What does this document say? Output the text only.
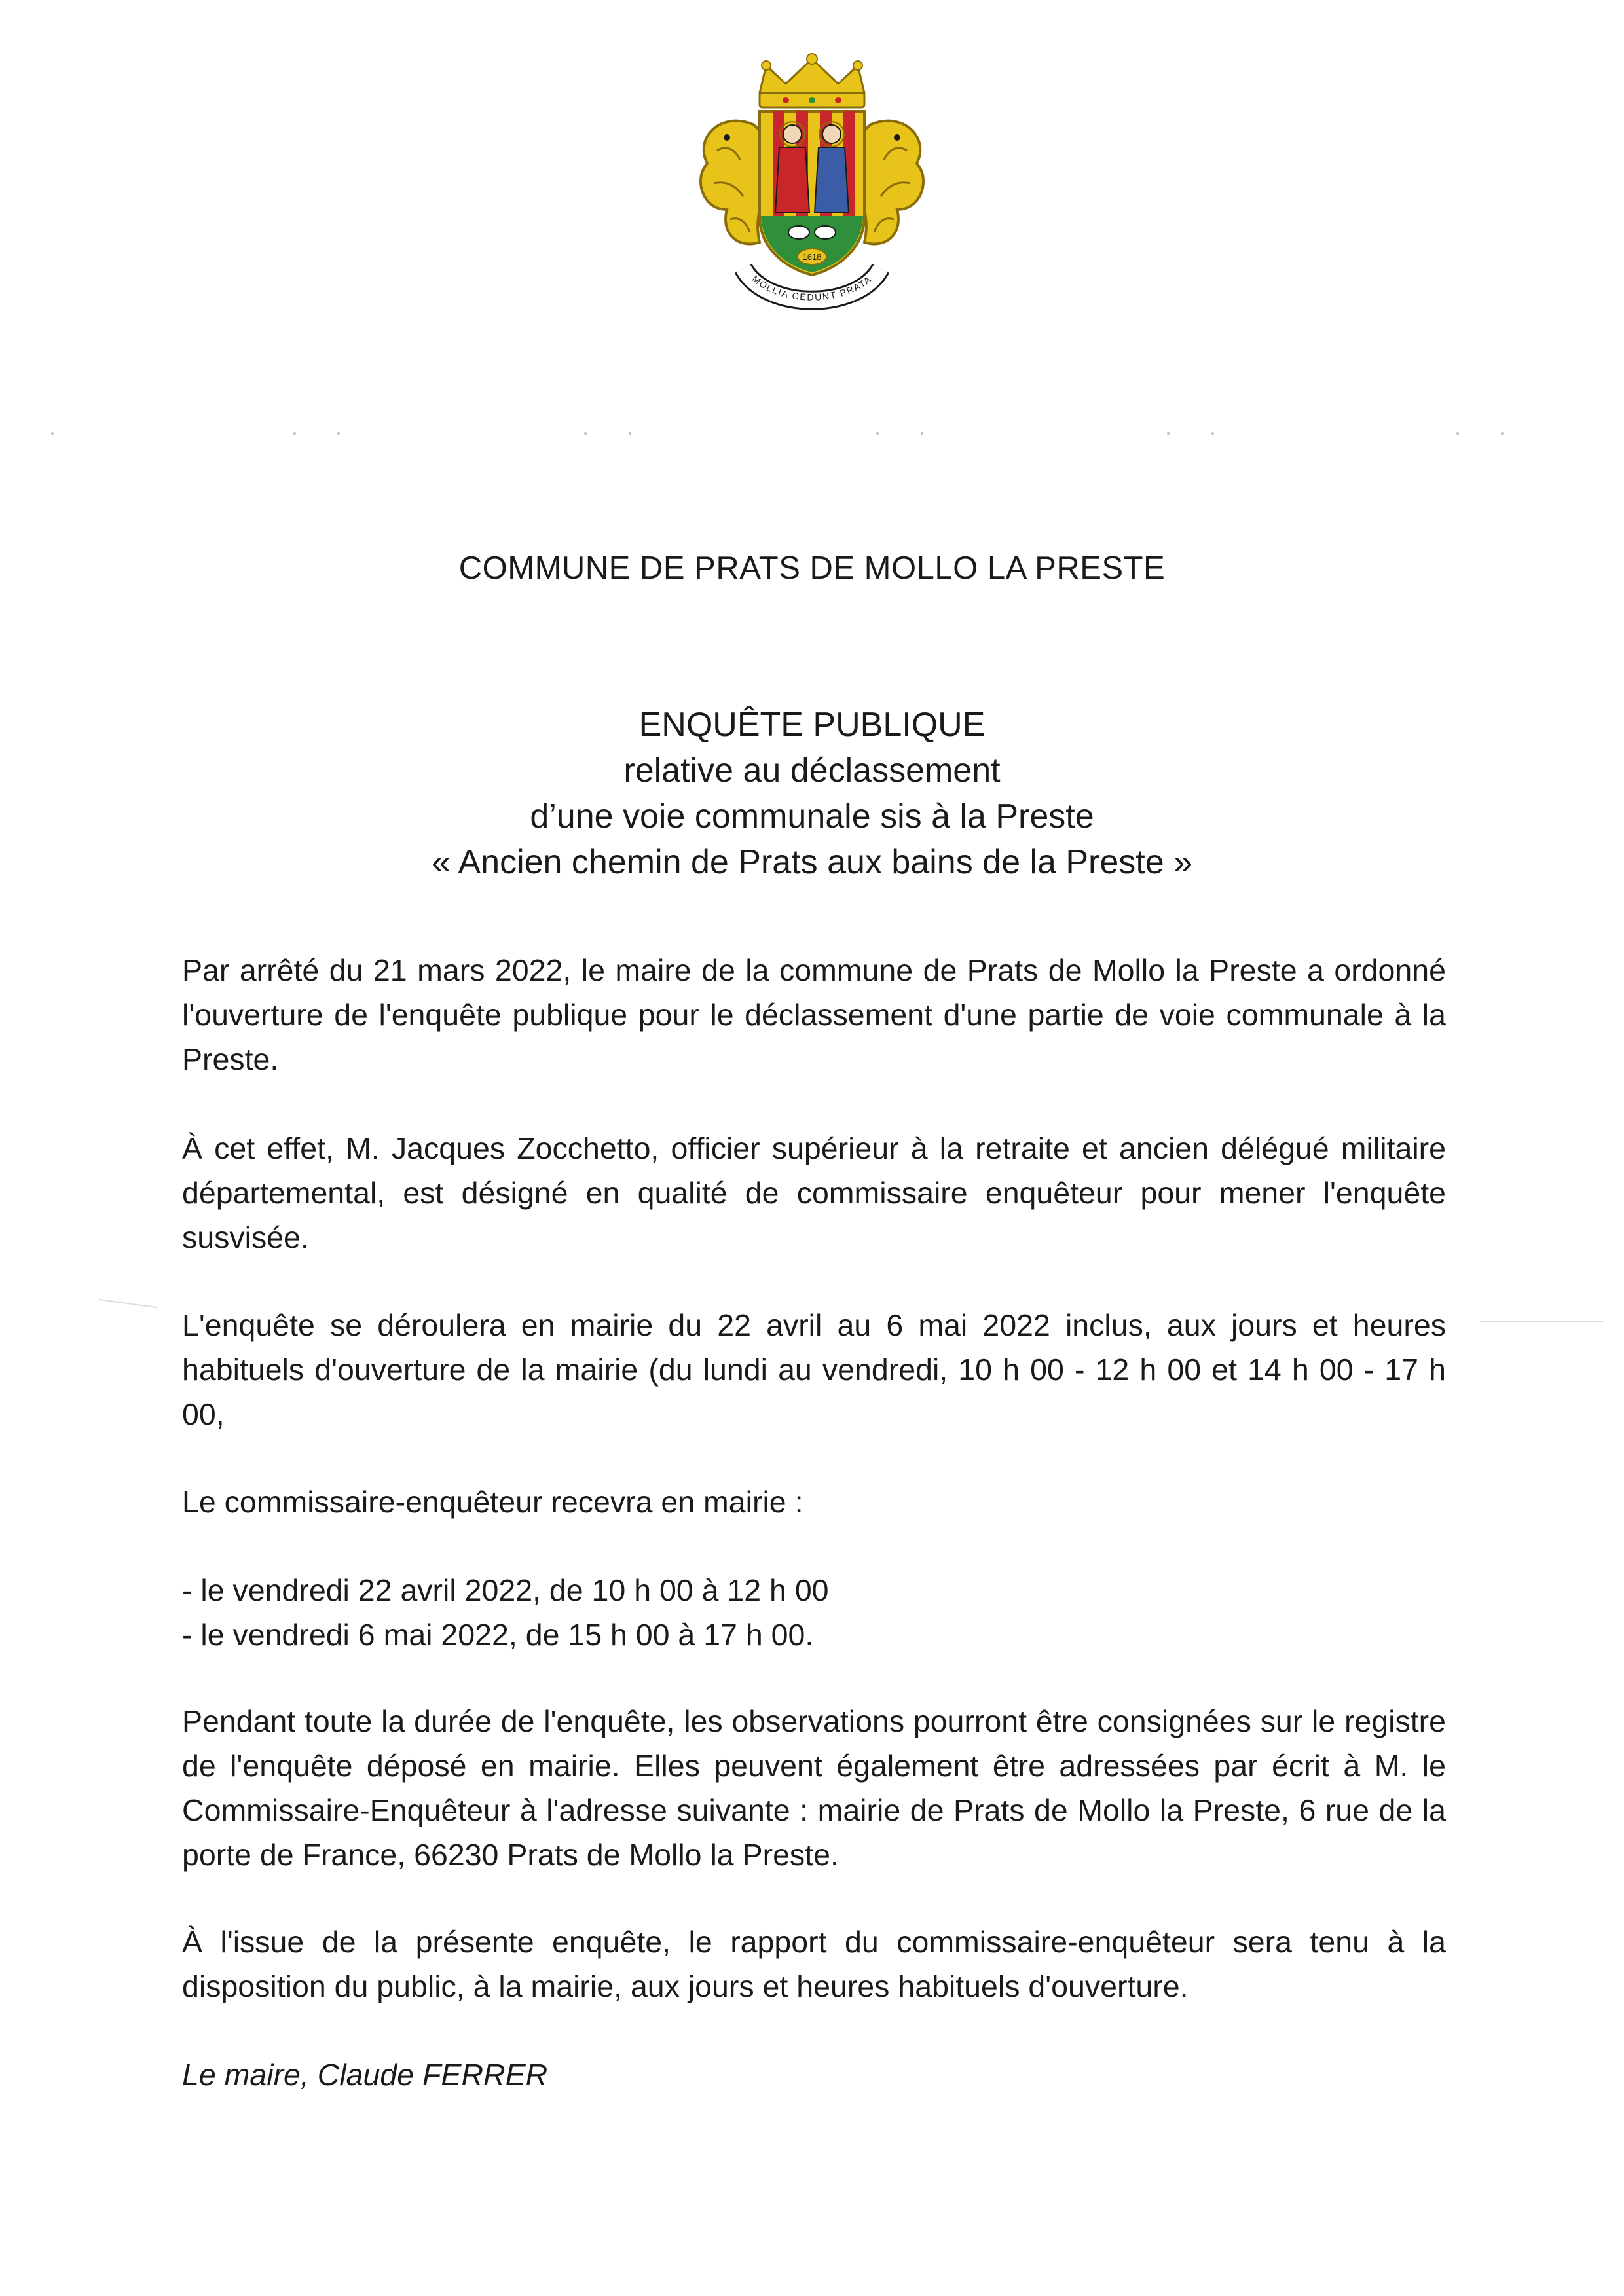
MOLLIA CEDUNT PRATA
1618
COMMUNE DE PRATS DE MOLLO LA PRESTE
ENQUÊTE PUBLIQUE
relative au déclassement
d’une voie communale sis à la Preste
« Ancien chemin de Prats aux bains de la Preste »
Par arrêté du 21 mars 2022, le maire de la commune de Prats de Mollo la Preste a ordonné l'ouverture de l'enquête publique pour le déclassement d'une partie de voie communale à la Preste.
À cet effet, M. Jacques Zocchetto, officier supérieur à la retraite et ancien délégué militaire départemental, est désigné en qualité de commissaire enquêteur pour mener l'enquête susvisée.
L'enquête se déroulera en mairie du 22 avril au 6 mai 2022 inclus, aux jours et heures habituels d'ouverture de la mairie (du lundi au vendredi, 10 h 00 - 12 h 00 et 14 h 00 - 17 h 00,
Le commissaire-enquêteur recevra en mairie :

- le vendredi 22 avril 2022, de 10 h 00 à 12 h 00

- le vendredi 6 mai 2022, de 15 h 00 à 17 h 00.

Pendant toute la durée de l'enquête, les observations pourront être consignées sur le registre de l'enquête déposé en mairie. Elles peuvent également être adressées par écrit à M. le Commissaire-Enquêteur à l'adresse suivante : mairie de Prats de Mollo la Preste, 6 rue de la porte de France, 66230 Prats de Mollo la Preste.
À l'issue de la présente enquête, le rapport du commissaire-enquêteur sera tenu à la disposition du public, à la mairie, aux jours et heures habituels d'ouverture.
Le maire, Claude FERRER
